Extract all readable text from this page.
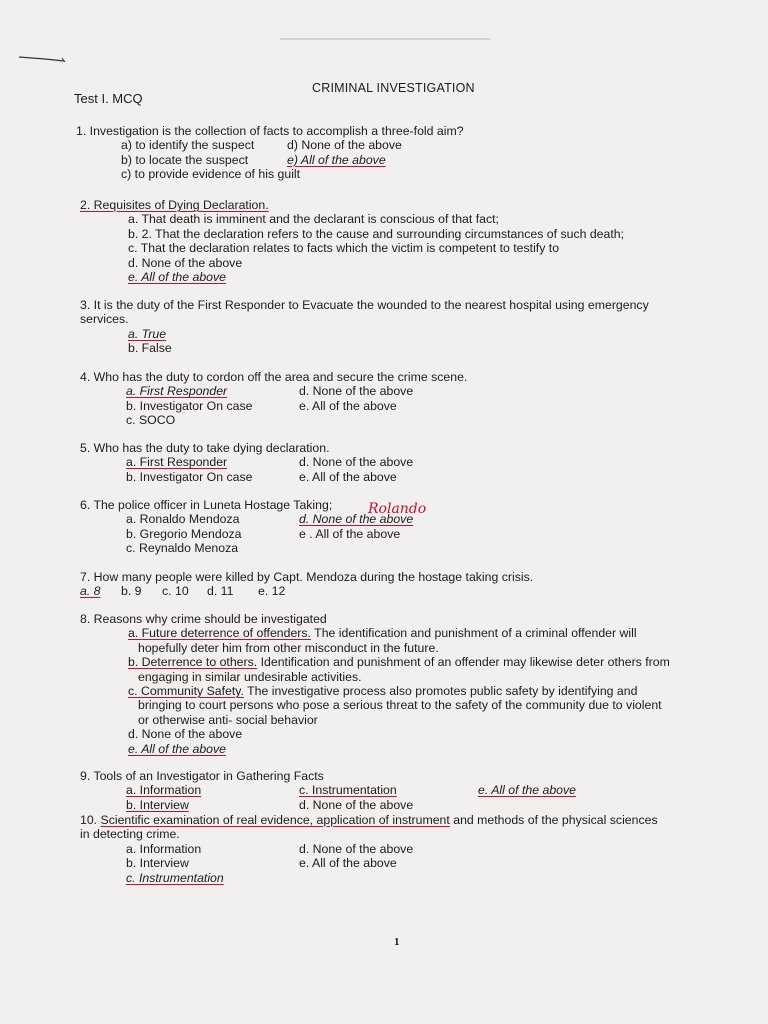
CRIMINAL INVESTIGATION
Test I. MCQ
1. Investigation is the collection of facts to accomplish a three-fold aim?
a) to identify the suspect	d) None of the above
b) to locate the suspect	e) All of the above
c) to provide evidence of his guilt
2. Requisites of Dying Declaration.
a. That death is imminent and the declarant is conscious of that fact;
b. 2. That the declaration refers to the cause and surrounding circumstances of such death;
c. That the declaration relates to facts which the victim is competent to testify to
d. None of the above
e. All of the above
3. It is the duty of the First Responder to Evacuate the wounded to the nearest hospital using emergency
services.
a. True
b. False
4. Who has the duty to cordon off the area and secure the crime scene.
a. First Responder	d. None of the above
b. Investigator On case	e. All of the above
c. SOCO
5. Who has the duty to take dying declaration.
a. First Responder	d. None of the above
b. Investigator On case	e. All of the above
6. The police officer in Luneta Hostage Taking;
a. Ronaldo Mendoza	d. None of the above
b. Gregorio Mendoza	e . All of the above
c. Reynaldo Menoza
Rolando
7. How many people were killed by Capt. Mendoza during the hostage taking crisis.
a. 8 b. 9 c. 10 d. 11 e. 12
8. Reasons why crime should be investigated
a. Future deterrence of offenders. The identification and punishment of a criminal offender will
hopefully deter him from other misconduct in the future.
b. Deterrence to others. Identification and punishment of an offender may likewise deter others from
engaging in similar undesirable activities.
c. Community Safety. The investigative process also promotes public safety by identifying and
bringing to court persons who pose a serious threat to the safety of the community due to violent
or otherwise anti- social behavior
d. None of the above
e. All of the above
9. Tools of an Investigator in Gathering Facts
a. Information	c. Instrumentation	e. All of the above
b. Interview	d. None of the above
10. Scientific examination of real evidence, application of instrument and methods of the physical sciences
in detecting crime.
a. Information	d. None of the above
b. Interview	e. All of the above
c. Instrumentation
1
